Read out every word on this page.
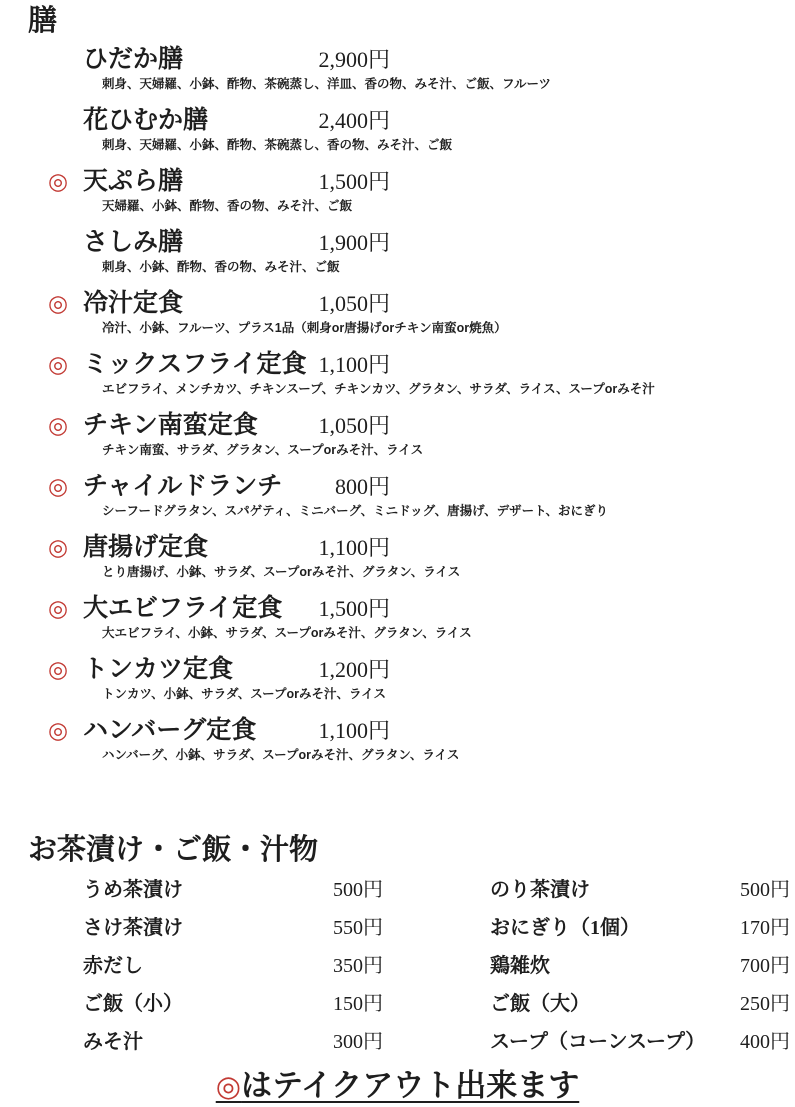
膳
ひだか膳	2,900円
刺身、天婦羅、小鉢、酢物、茶碗蒸し、洋皿、香の物、みそ汁、ご飯、フルーツ
花ひむか膳	2,400円
刺身、天婦羅、小鉢、酢物、茶碗蒸し、香の物、みそ汁、ご飯
◎ 天ぷら膳	1,500円
天婦羅、小鉢、酢物、香の物、みそ汁、ご飯
さしみ膳	1,900円
刺身、小鉢、酢物、香の物、みそ汁、ご飯
◎ 冷汁定食	1,050円
冷汁、小鉢、フルーツ、プラス1品（刺身or唐揚げorチキン南蛮or焼魚）
◎ ミックスフライ定食 1,100円
エビフライ、メンチカツ、チキンスープ、チキンカツ、グラタン、サラダ、ライス、スープorみそ汁
◎ チキン南蛮定食	1,050円
チキン南蛮、サラダ、グラタン、スープorみそ汁、ライス
◎ チャイルドランチ 800円
シーフードグラタン、スパゲティ、ミニバーグ、ミニドッグ、唐揚げ、デザート、おにぎり
◎ 唐揚げ定食	1,100円
とり唐揚げ、小鉢、サラダ、スープorみそ汁、グラタン、ライス
◎ 大エビフライ定食 1,500円
大エビフライ、小鉢、サラダ、スープorみそ汁、グラタン、ライス
◎ トンカツ定食	1,200円
トンカツ、小鉢、サラダ、スープorみそ汁、ライス
◎ ハンバーグ定食	1,100円
ハンバーグ、小鉢、サラダ、スープorみそ汁、グラタン、ライス
お茶漬け・ご飯・汁物
うめ茶漬け	500円	のり茶漬け	500円
さけ茶漬け	550円	おにぎり（1個）	170円
赤だし	350円	鶏雑炊	700円
ご飯（小）	150円	ご飯（大）	250円
みそ汁	300円	スープ（コーンスープ） 400円
◎はテイクアウト出来ます
